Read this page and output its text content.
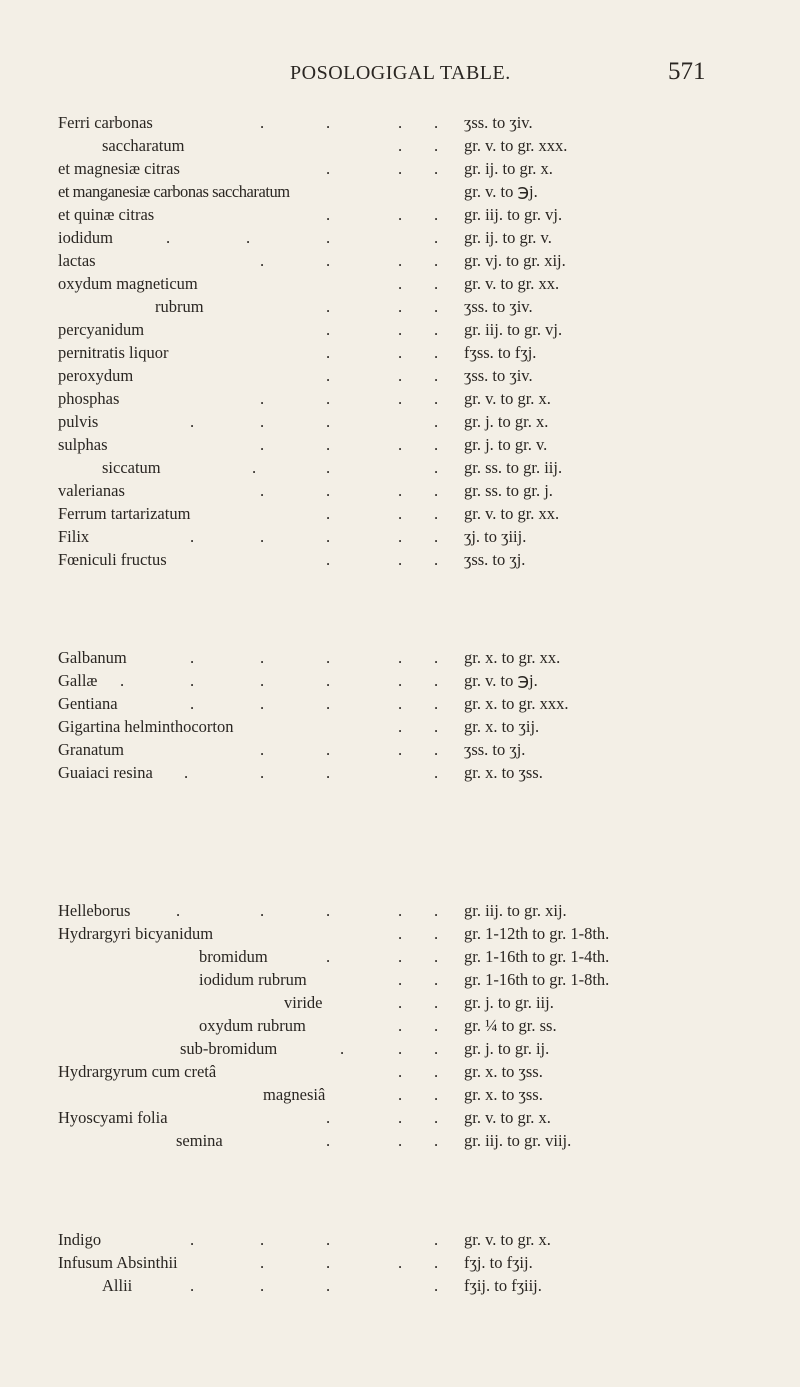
POSOLOGIGAL TABLE.	571
Ferri carbonas	.	.	. . ʒss. to ʒiv.
saccharatum	. . gr. v. to gr. xxx.
et magnesiæ citras	.	. . gr. ij. to gr. x.
et manganesiæ carbonas saccharatum	gr. v. to ℈j.
et quinæ citras	.	. . gr. iij. to gr. vj.
iodidum	.	.	.	. gr. ij. to gr. v.
lactas	.	.	. . gr. vj. to gr. xij.
oxydum magneticum	. . gr. v. to gr. xx.
rubrum	.	. . ʒss. to ʒiv.
percyanidum	.	. . gr. iij. to gr. vj.
pernitratis liquor	.	. . fʒss. to fʒj.
peroxydum	.	. . ʒss. to ʒiv.
phosphas	.	.	. . gr. v. to gr. x.
pulvis	.	.	.	. gr. j. to gr. x.
sulphas	.	.	. . gr. j. to gr. v.
siccatum	.	.	. gr. ss. to gr. iij.
valerianas	.	.	. . gr. ss. to gr. j.
Ferrum tartarizatum	.	. . gr. v. to gr. xx.
Filix	.	.	.	. . ʒj. to ʒiij.
Fœniculi fructus	.	. . ʒss. to ʒj.
Galbanum	.	.	.	. . gr. x. to gr. xx.
Gallæ .	.	.	.	. . gr. v. to ℈j.
Gentiana	.	.	.	. . gr. x. to gr. xxx.
Gigartina helminthocorton	. . gr. x. to ʒij.
Granatum	.	.	. . ʒss. to ʒj.
Guaiaci resina .	.	.	. gr. x. to ʒss.
Helleborus	.	.	.	. . gr. iij. to gr. xij.
Hydrargyri bicyanidum	. . gr. 1-12th to gr. 1-8th.
bromidum	.	. . gr. 1-16th to gr. 1-4th.
iodidum rubrum	. . gr. 1-16th to gr. 1-8th.
viride	. . gr. j. to gr. iij.
oxydum rubrum	. . gr. ¼ to gr. ss.
sub-bromidum	.	. . gr. j. to gr. ij.
Hydrargyrum cum cretâ	. . gr. x. to ʒss.
magnesiâ	. . gr. x. to ʒss.
Hyoscyami folia	.	. . gr. v. to gr. x.
semina	.	. . gr. iij. to gr. viij.
Indigo	.	.	.	. gr. v. to gr. x.
Infusum Absinthii	.	.	. . fʒj. to fʒij.
Allii	.	.	.	. fʒij. to fʒiij.
